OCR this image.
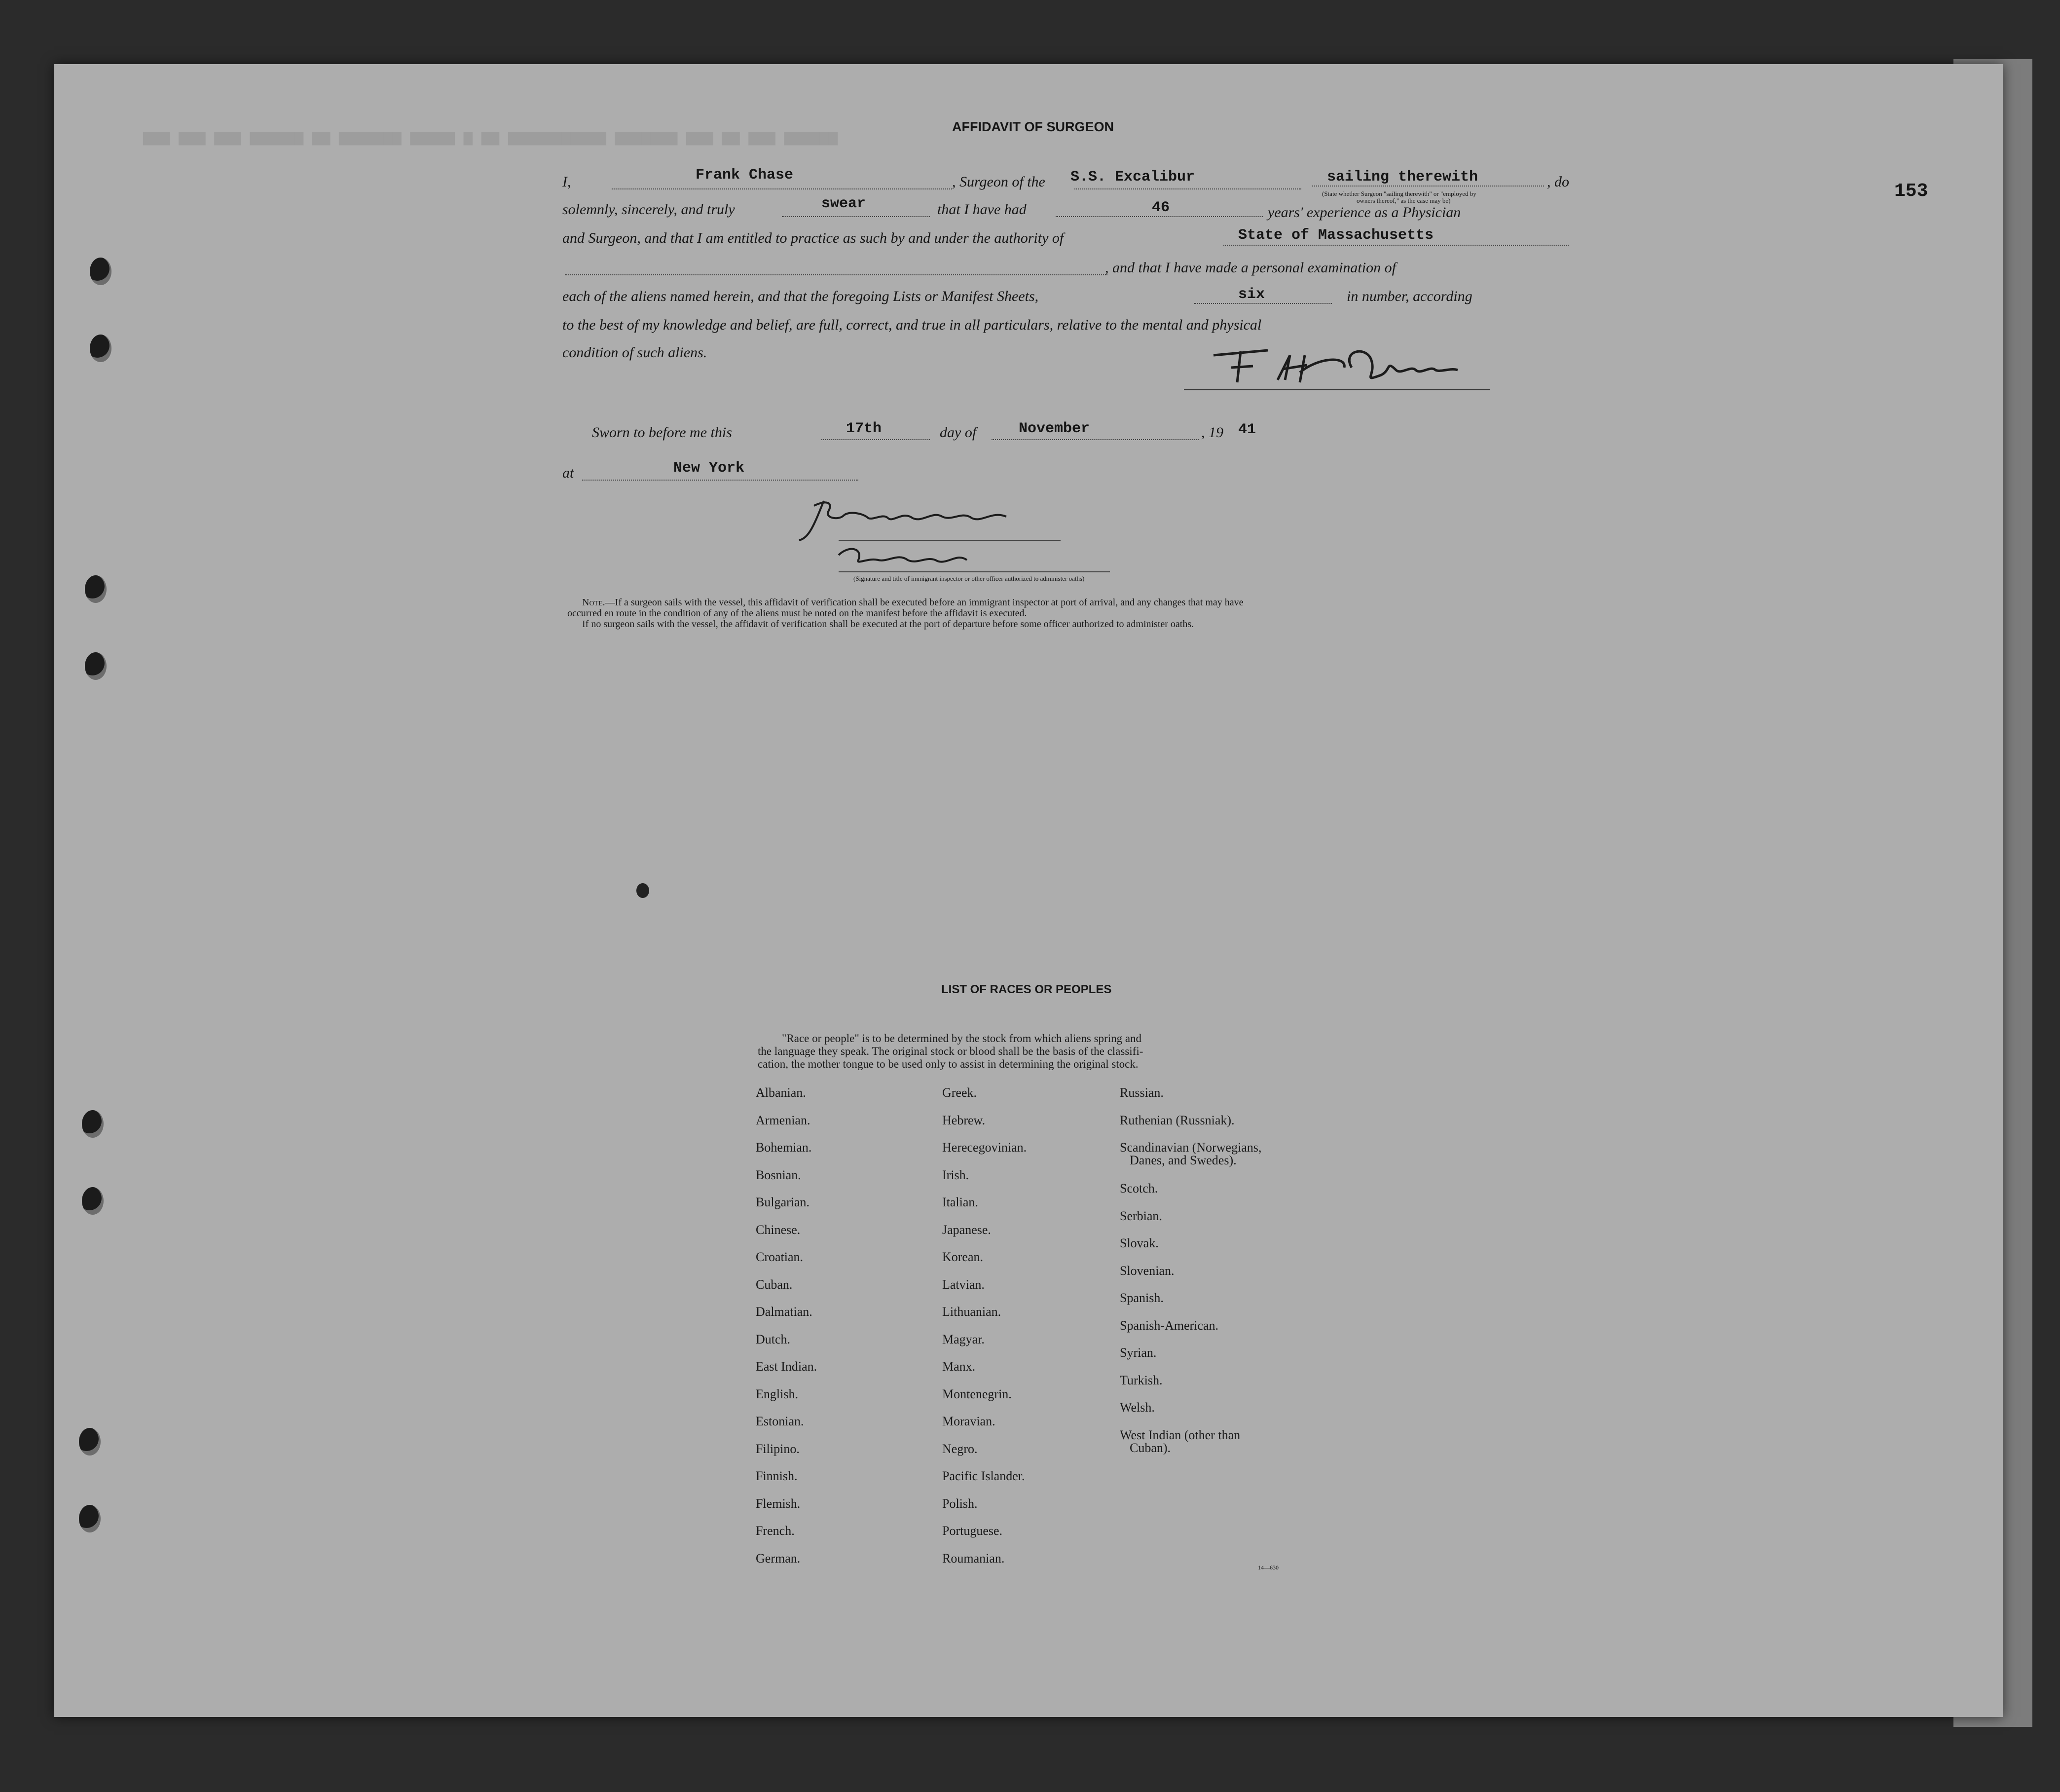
▆▆▆ ▆▆▆ ▆▆▆ ▆▆▆▆▆▆ ▆▆ ▆▆▆▆▆▆▆ ▆▆▆▆▆ ▆ ▆▆ ▆▆▆▆▆▆▆▆▆▆▆ ▆▆▆▆▆▆▆ ▆▆▆ ▆▆ ▆▆▆ ▆▆▆▆▆▆
153
AFFIDAVIT OF SURGEON
I,	Frank Chase	, Surgeon of the S.S. Excalibur	sailing therewith	, do
(State whether Surgeon "sailing therewith" or "employed by
owners thereof," as the case may be)
solemnly, sincerely, and truly	swear	that I have had	46	years' experience as a Physician
and Surgeon, and that I am entitled to practice as such by and under the authority of	State of Massachusetts
, and that I have made a personal examination of
each of the aliens named herein, and that the foregoing Lists or Manifest Sheets,	six	in number, according
to the best of my knowledge and belief, are full, correct, and true in all particulars, relative to the mental and physical
condition of such aliens.
Sworn to before me this	17th	day of	November	, 19 41
at	New York
(Signature and title of immigrant inspector or other officer authorized to administer oaths)
Note.—If a surgeon sails with the vessel, this affidavit of verification shall be executed before an immigrant inspector at port of arrival, and any changes that may have
occurred en route in the condition of any of the aliens must be noted on the manifest before the affidavit is executed.
If no surgeon sails with the vessel, the affidavit of verification shall be executed at the port of departure before some officer authorized to administer oaths.
LIST OF RACES OR PEOPLES
"Race or people" is to be determined by the stock from which aliens spring and
the language they speak. The original stock or blood shall be the basis of the classifi-
cation, the mother tongue to be used only to assist in determining the original stock.
Albanian.
Armenian.
Bohemian.
Bosnian.
Bulgarian.
Chinese.
Croatian.
Cuban.
Dalmatian.
Dutch.
East Indian.
English.
Estonian.
Filipino.
Finnish.
Flemish.
French.
German.
Greek.
Hebrew.
Herecegovinian.
Irish.
Italian.
Japanese.
Korean.
Latvian.
Lithuanian.
Magyar.
Manx.
Montenegrin.
Moravian.
Negro.
Pacific Islander.
Polish.
Portuguese.
Roumanian.
Russian.
Ruthenian (Russniak).
Scandinavian (Norwegians,
Danes, and Swedes).
Scotch.
Serbian.
Slovak.
Slovenian.
Spanish.
Spanish-American.
Syrian.
Turkish.
Welsh.
West Indian (other than
Cuban).
14—630
